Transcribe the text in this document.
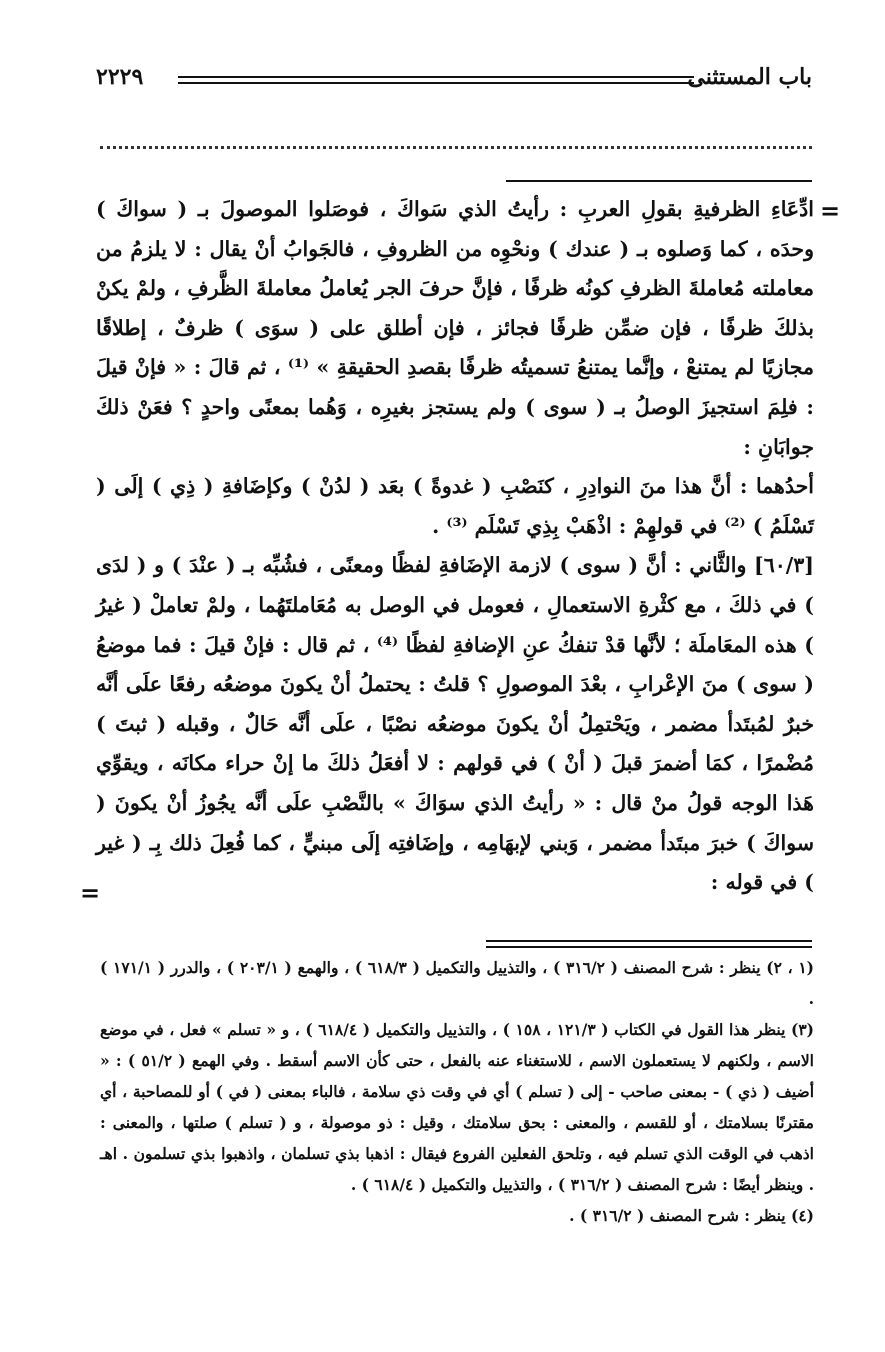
باب المستثنى
٢٢٢٩
=

ادِّعَاءِ الظرفيةِ بقولِ العربِ : رأيتُ الذي سَواكَ ، فوصَلوا الموصولَ بـ ( سواكَ ) وحدَه ، كما وَصلوه بـ ( عندك ) ونحْوِه من الظروفِ ، فالجَوابُ أنْ يقال : لا يلزمُ من معاملته مُعاملةَ الظرفِ كونُه ظرفًا ، فإنَّ حرفَ الجر يُعاملُ معاملةَ الظَّرفِ ، ولمْ يكنْ بذلكَ ظرفًا ، فإن ضمِّن ظرفًا فجائز ، فإن أطلق على ( سوَى ) ظرفٌ ، إطلاقًا مجازيًا لم يمتنعْ ، وإنَّما يمتنعُ تسميتُه ظرفًا بقصدِ الحقيقةِ » ⁽¹⁾ ، ثم قالَ : « فإنْ قيلَ : فلِمَ استجيزَ الوصلُ بـ ( سوى ) ولم يستجز بغيرِه ، وَهُما بمعنًى واحدٍ ؟ فعَنْ ذلكَ جوابَانِ :

أحدُهما : أنَّ هذا منَ النوادِرِ ، كنَصْبِ ( غدوةً ) بعَد ( لدُنْ ) وكإضَافةِ ( ذِي ) إلَى ( تَسْلَمُ ) ⁽²⁾ في قولهِمْ : اذْهَبْ بِذِي تَسْلَم ⁽³⁾ .

[٦٠/٣] والثَّاني : أنَّ ( سوى ) لازمة الإضَافةِ لفظًا ومعنًى ، فشُبِّه بـ ( عنْدَ ) و ( لدَى ) في ذلكَ ، مع كثْرةِ الاستعمالِ ، فعومل في الوصل به مُعَاملتَهُما ، ولمْ تعاملْ ( غيرُ ) هذه المعَاملَة ؛ لأنَّها قدْ تنفكُ عنِ الإضافةِ لفظًا ⁽⁴⁾ ، ثم قال : فإنْ قيلَ : فما موضعُ ( سوى ) منَ الإعْرابِ ، بعْدَ الموصولِ ؟ قلتُ : يحتملُ أنْ يكونَ موضعُه رفعًا علَى أنَّه خبرٌ لمُبتَدأ مضمر ، ويَحْتمِلُ أنْ يكونَ موضعُه نصْبًا ، علَى أنَّه حَالٌ ، وقبله ( ثبتَ ) مُضْمرًا ، كمَا أضمرَ قبلَ ( أنْ ) في قولهم : لا أفعَلُ ذلكَ ما إنْ حراء مكانَه ، ويقوِّي هَذا الوجه قولُ منْ قال : « رأيتُ الذي سوَاكَ » بالنَّصْبِ علَى أنَّه يجُوزُ أنْ يكونَ ( سواكَ ) خبرَ مبتَدأ مضمر ، وَبني لإبهَامِه ، وإضَافتِه إلَى مبنيٍّ ، كما فُعِلَ ذلك بِـ ( غير ) في قوله :

=

(١ ، ٢) ينظر : شرح المصنف ( ٣١٦/٢ ) ، والتذييل والتكميل ( ٦١٨/٣ ) ، والهمع ( ٢٠٣/١ ) ، والدرر ( ١٧١/١ ) .

(٣) ينظر هذا القول في الكتاب ( ١٢١/٣ ، ١٥٨ ) ، والتذييل والتكميل ( ٦١٨/٤ ) ، و « تسلم » فعل ، في موضع الاسم ، ولكنهم لا يستعملون الاسم ، للاستغناء عنه بالفعل ، حتى كأن الاسم أسقط . وفي الهمع ( ٥١/٢ ) : « أضيف ( ذي ) - بمعنى صاحب - إلى ( تسلم ) أي في وقت ذي سلامة ، فالباء بمعنى ( في ) أو للمصاحبة ، أي مقترنًا بسلامتك ، أو للقسم ، والمعنى : بحق سلامتك ، وقيل : ذو موصولة ، و ( تسلم ) صلتها ، والمعنى : اذهب في الوقت الذي تسلم فيه ، وتلحق الفعلين الفروع فيقال : اذهبا بذي تسلمان ، واذهبوا بذي تسلمون . اهـ . وينظر أيضًا : شرح المصنف ( ٣١٦/٢ ) ، والتذييل والتكميل ( ٦١٨/٤ ) .

(٤) ينظر : شرح المصنف ( ٣١٦/٢ ) .
